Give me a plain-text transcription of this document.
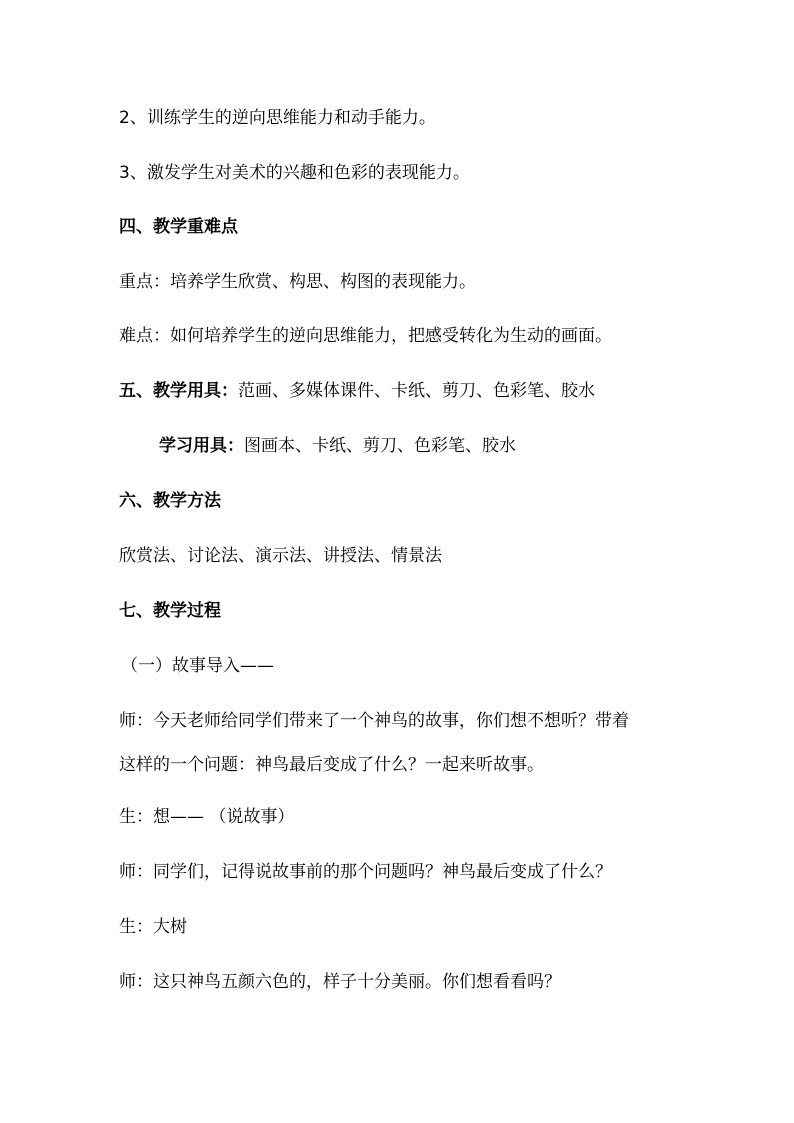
2、训练学生的逆向思维能力和动手能力。
3、激发学生对美术的兴趣和色彩的表现能力。
四、教学重难点
重点：培养学生欣赏、构思、构图的表现能力。
难点：如何培养学生的逆向思维能力，把感受转化为生动的画面。
五、教学用具：范画、多媒体课件、卡纸、剪刀、色彩笔、胶水
学习用具：图画本、卡纸、剪刀、色彩笔、胶水
六、教学方法
欣赏法、讨论法、演示法、讲授法、情景法
七、教学过程
（一）故事导入——
师：今天老师给同学们带来了一个神鸟的故事，你们想不想听？带着
这样的一个问题：神鸟最后变成了什么？一起来听故事。
生：想—— （说故事）
师：同学们，记得说故事前的那个问题吗？神鸟最后变成了什么？
生：大树
师：这只神鸟五颜六色的，样子十分美丽。你们想看看吗？
